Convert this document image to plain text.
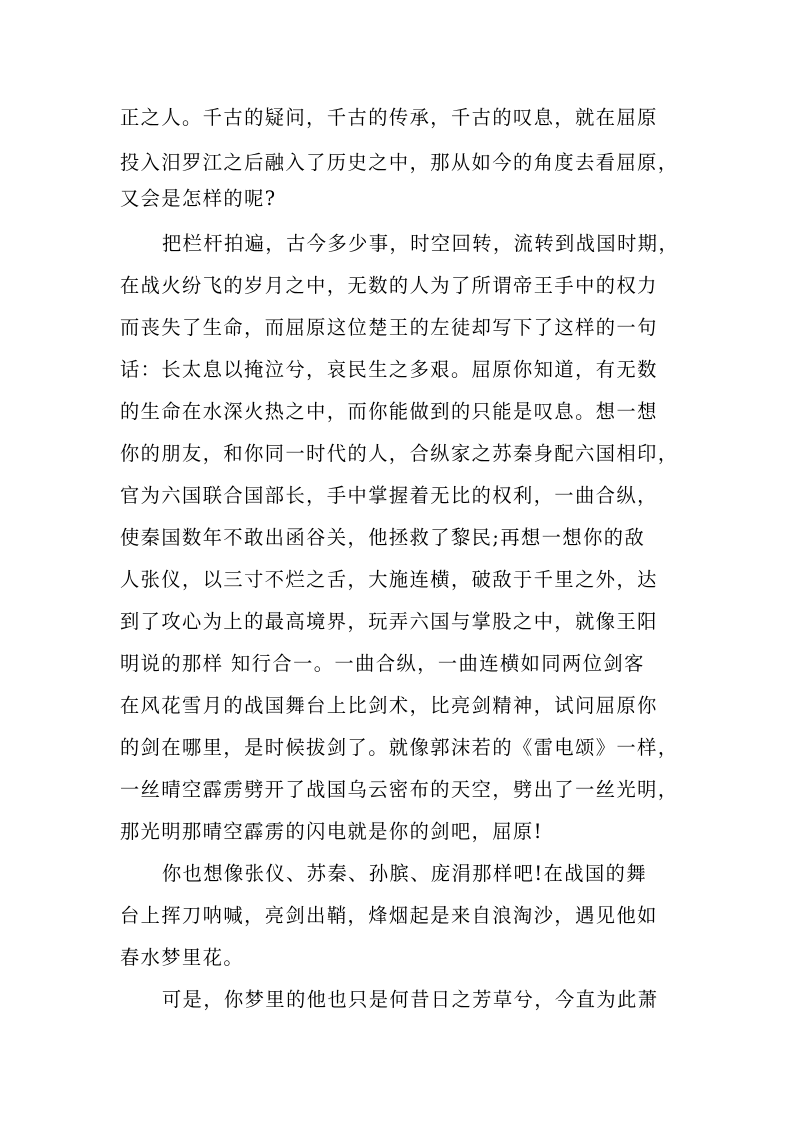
正之人。千古的疑问，千古的传承，千古的叹息，就在屈原
投入汨罗江之后融入了历史之中，那从如今的角度去看屈原，
又会是怎样的呢?
把栏杆拍遍，古今多少事，时空回转，流转到战国时期，
在战火纷飞的岁月之中，无数的人为了所谓帝王手中的权力
而丧失了生命，而屈原这位楚王的左徒却写下了这样的一句
话：长太息以掩泣兮，哀民生之多艰。屈原你知道，有无数
的生命在水深火热之中，而你能做到的只能是叹息。想一想
你的朋友，和你同一时代的人，合纵家之苏秦身配六国相印，
官为六国联合国部长，手中掌握着无比的权利，一曲合纵，
使秦国数年不敢出函谷关，他拯救了黎民;再想一想你的敌
人张仪，以三寸不烂之舌，大施连横，破敌于千里之外，达
到了攻心为上的最高境界，玩弄六国与掌股之中，就像王阳
明说的那样 知行合一。一曲合纵，一曲连横如同两位剑客
在风花雪月的战国舞台上比剑术，比亮剑精神，试问屈原你
的剑在哪里，是时候拔剑了。就像郭沫若的《雷电颂》一样，
一丝晴空霹雳劈开了战国乌云密布的天空，劈出了一丝光明，
那光明那晴空霹雳的闪电就是你的剑吧，屈原!
你也想像张仪、苏秦、孙膑、庞涓那样吧!在战国的舞
台上挥刀呐喊，亮剑出鞘，烽烟起是来自浪淘沙，遇见他如
春水梦里花。
可是，你梦里的他也只是何昔日之芳草兮，今直为此萧
